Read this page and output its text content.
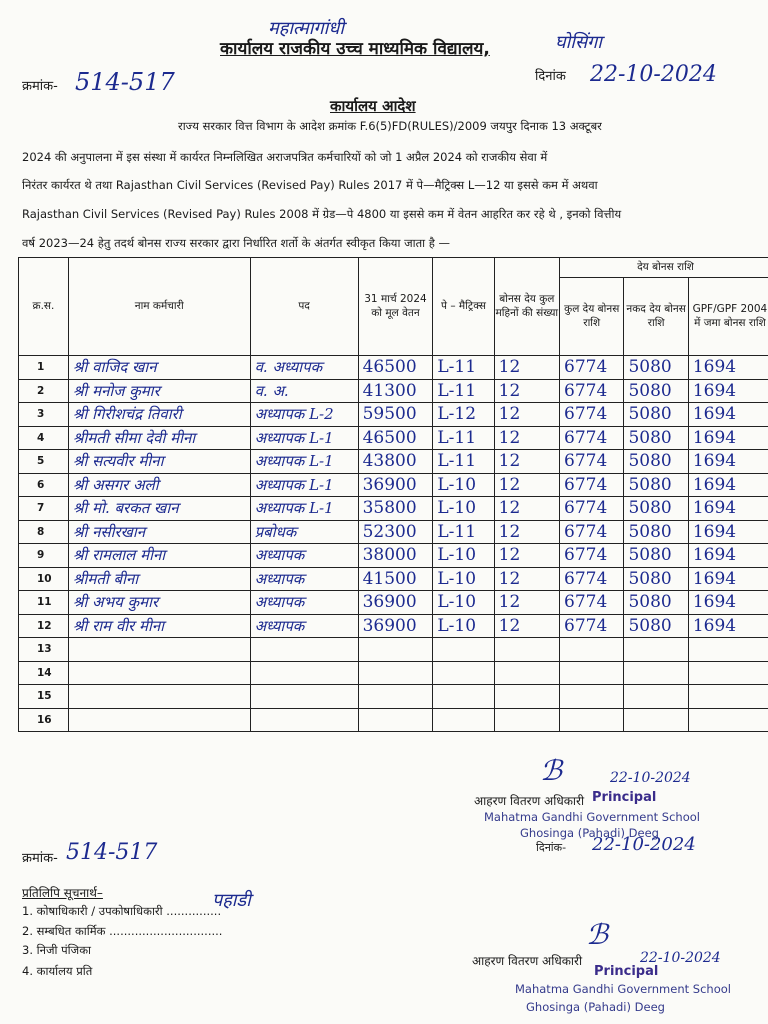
महात्मागांधी
कार्यालय राजकीय उच्च माध्यमिक विद्यालय,	घोसिंगा
क्रमांक- 514-517	दिनांक 22-10-2024
कार्यालय आदेश
राज्य सरकार वित्त विभाग के आदेश क्रमांक F.6(5)FD(RULES)/2009 जयपुर दिनाक 13 अक्टूबर
2024 की अनुपालना में इस संस्था में कार्यरत निम्नलिखित अराजपत्रित कर्मचारियों को जो 1 अप्रैल 2024 को राजकीय सेवा में
निरंतर कार्यरत थे तथा Rajasthan Civil Services (Revised Pay) Rules 2017 में पे—मैट्रिक्स L—12 या इससे कम में अथवा
Rajasthan Civil Services (Revised Pay) Rules 2008 में ग्रेड—पे 4800 या इससे कम में वेतन आहरित कर रहे थे , इनको वित्तीय
वर्ष 2023—24 हेतु तदर्थ बोनस राज्य सरकार द्वारा निर्धारित शर्तो के अंतर्गत स्वीकृत किया जाता है —
क्र.स.	नाम कर्मचारी	पद	31 मार्च 2024 को मूल वेतन	पे – मैट्रिक्स	बोनस देय कुल महिनों की संख्या	देय बोनस राशि		
						कुल देय बोनस राशि	नकद देय बोनस राशि	GPF/GPF 2004 में जमा बोनस राशि
1	श्री वाजिद खान	व. अध्यापक	46500	L-11	12	6774	5080	1694
2	श्री मनोज कुमार	व. अ.	41300	L-11	12	6774	5080	1694
3	श्री गिरीशचंद्र तिवारी	अध्यापक L-2	59500	L-12	12	6774	5080	1694
4	श्रीमती सीमा देवी मीना	अध्यापक L-1	46500	L-11	12	6774	5080	1694
5	श्री सत्यवीर मीना	अध्यापक L-1	43800	L-11	12	6774	5080	1694
6	श्री असगर अली	अध्यापक L-1	36900	L-10	12	6774	5080	1694
7	श्री मो. बरकत खान	अध्यापक L-1	35800	L-10	12	6774	5080	1694
8	श्री नसीरखान	प्रबोधक	52300	L-11	12	6774	5080	1694
9	श्री रामलाल मीना	अध्यापक	38000	L-10	12	6774	5080	1694
10	श्रीमती बीना	अध्यापक	41500	L-10	12	6774	5080	1694
11	श्री अभय कुमार	अध्यापक	36900	L-10	12	6774	5080	1694
12	श्री राम वीर मीना	अध्यापक	36900	L-10	12	6774	5080	1694
13								
14								
15								
16								
ℬ	22-10-2024
आहरण वितरण अधिकारी Principal
Mahatma Gandhi Government School
Ghosinga (Pahadi) Deeg
दिनांक- 22-10-2024
क्रमांक- 514-517
प्रतिलिपि सूचनार्थ–
1. कोषाधिकारी / उपकोषाधिकारी ...............
2. सम्बधित कार्मिक ...............................
3. निजी पंजिका
4. कार्यालय प्रति
पहाडी
ℬ
22-10-2024
आहरण वितरण अधिकारी
Principal
Mahatma Gandhi Government School
Ghosinga (Pahadi) Deeg
